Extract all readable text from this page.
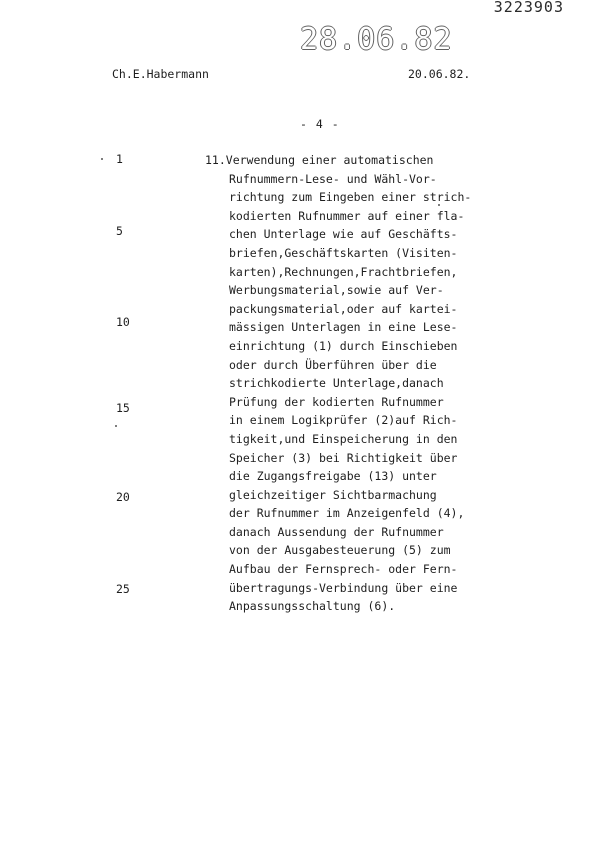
3223903
28.06.82
Ch.E.Habermann	20.06.82.
- 4 -
1
5
10
15
20
25
11.Verwendung einer automatischen
Rufnummern-Lese- und Wähl-Vor-
richtung zum Eingeben einer strich-
kodierten Rufnummer auf einer fla-
chen Unterlage wie auf Geschäfts-
briefen,Geschäftskarten (Visiten-
karten),Rechnungen,Frachtbriefen,
Werbungsmaterial,sowie auf Ver-
packungsmaterial,oder auf kartei-
mässigen Unterlagen in eine Lese-
einrichtung (1) durch Einschieben
oder durch Überführen über die
strichkodierte Unterlage,danach
Prüfung der kodierten Rufnummer
in einem Logikprüfer (2)auf Rich-
tigkeit,und Einspeicherung in den
Speicher (3) bei Richtigkeit über
die Zugangsfreigabe (13) unter
gleichzeitiger Sichtbarmachung
der Rufnummer im Anzeigenfeld (4),
danach Aussendung der Rufnummer
von der Ausgabesteuerung (5) zum
Aufbau der Fernsprech- oder Fern-
übertragungs-Verbindung über eine
Anpassungsschaltung (6).
